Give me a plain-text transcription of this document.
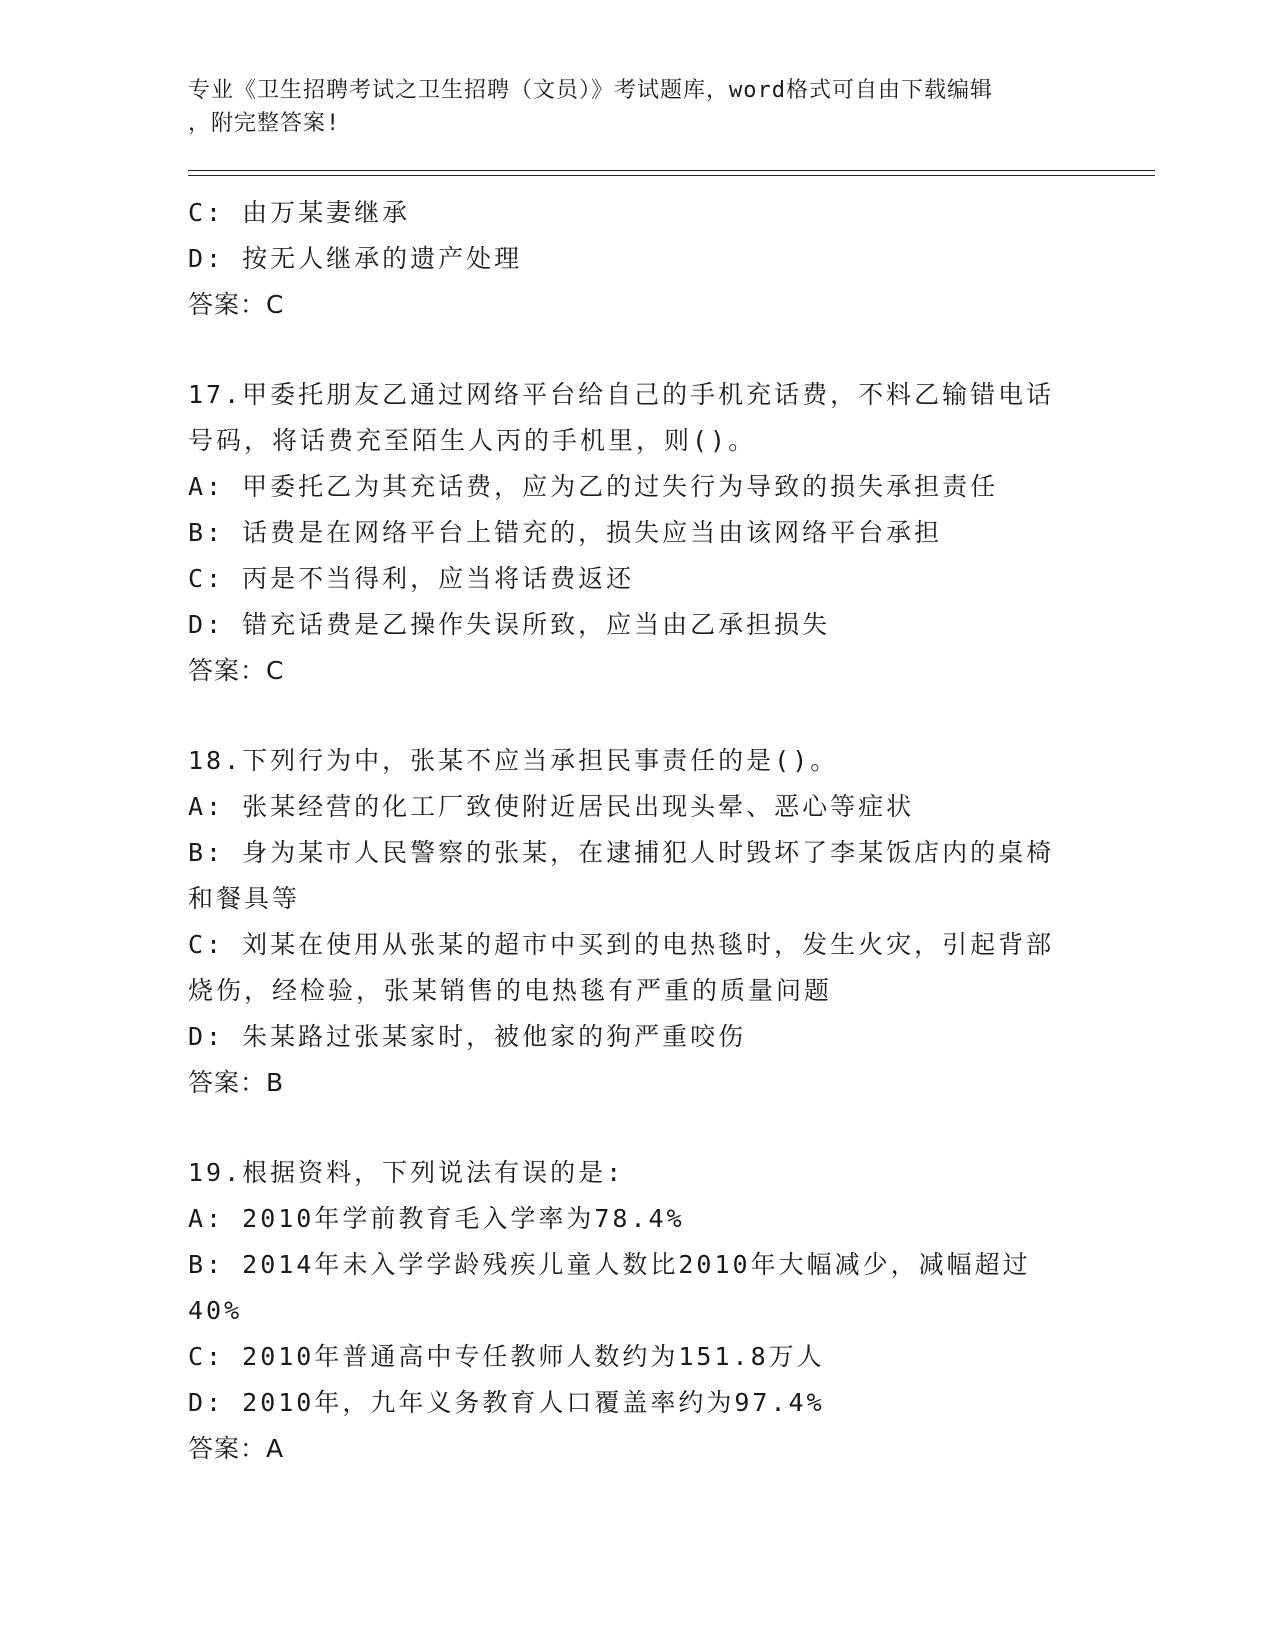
专业《卫生招聘考试之卫生招聘（文员）》考试题库，word格式可自由下载编辑
，附完整答案!
C: 由万某妻继承
D: 按无人继承的遗产处理
答案：C
17.甲委托朋友乙通过网络平台给自己的手机充话费，不料乙输错电话
号码，将话费充至陌生人丙的手机里，则()。
A: 甲委托乙为其充话费，应为乙的过失行为导致的损失承担责任
B: 话费是在网络平台上错充的，损失应当由该网络平台承担
C: 丙是不当得利，应当将话费返还
D: 错充话费是乙操作失误所致，应当由乙承担损失
答案：C
18.下列行为中，张某不应当承担民事责任的是()。
A: 张某经营的化工厂致使附近居民出现头晕、恶心等症状
B: 身为某市人民警察的张某，在逮捕犯人时毁坏了李某饭店内的桌椅
和餐具等
C: 刘某在使用从张某的超市中买到的电热毯时，发生火灾，引起背部
烧伤，经检验，张某销售的电热毯有严重的质量问题
D: 朱某路过张某家时，被他家的狗严重咬伤
答案：B
19.根据资料，下列说法有误的是:
A: 2010年学前教育毛入学率为78.4%
B: 2014年未入学学龄残疾儿童人数比2010年大幅减少，减幅超过
40%
C: 2010年普通高中专任教师人数约为151.8万人
D: 2010年，九年义务教育人口覆盖率约为97.4%
答案：A
